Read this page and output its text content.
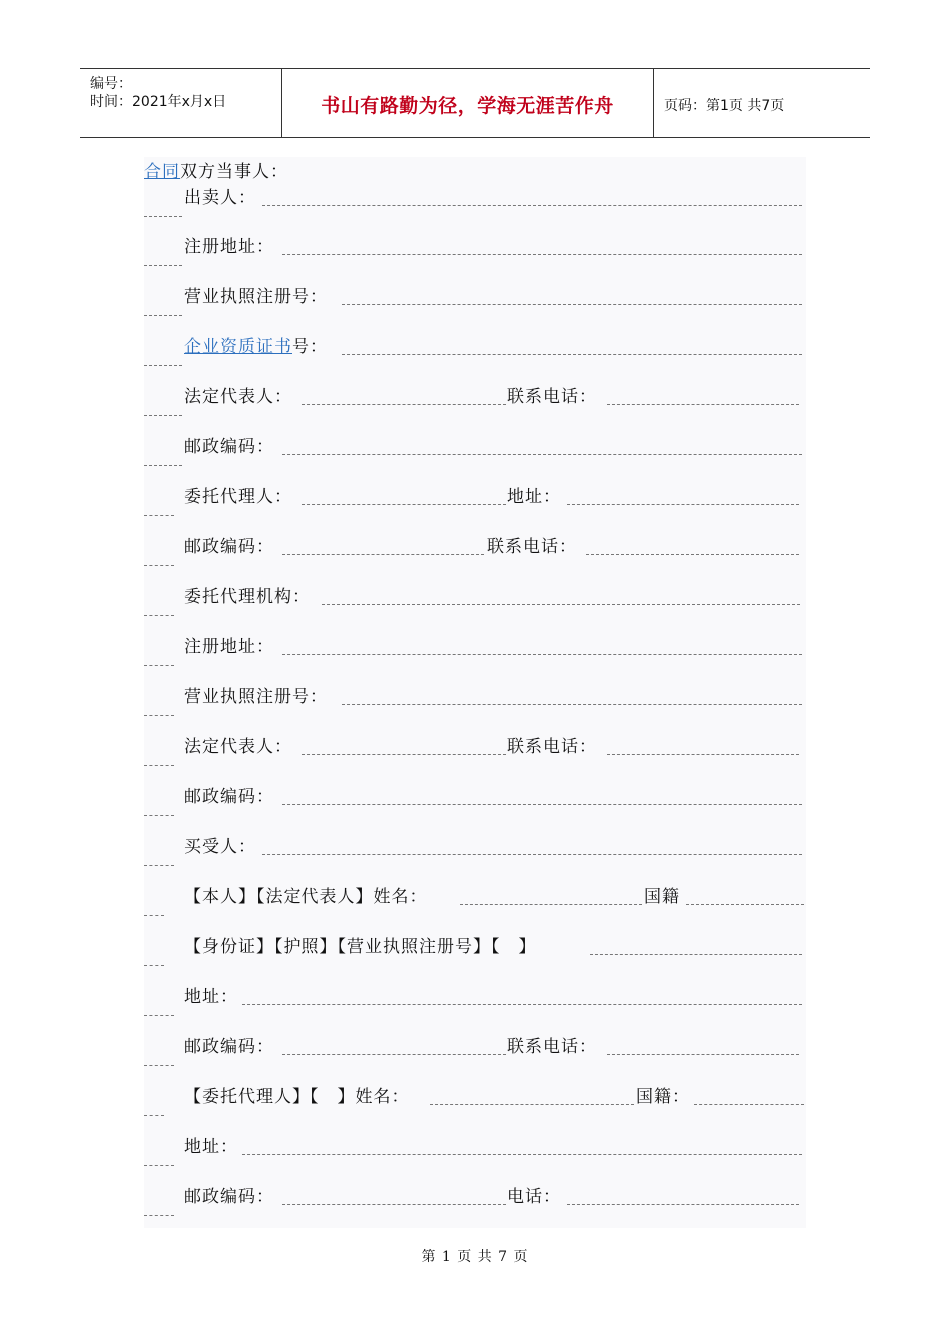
编号：
时间：2021年x月x日	书山有路勤为径，学海无涯苦作舟	页码：第1页 共7页
合同双方当事人：
出卖人：
注册地址：
营业执照注册号：
企业资质证书号：
法定代表人：	联系电话：
邮政编码：
委托代理人：	地址：
邮政编码：	联系电话：
委托代理机构：
注册地址：
营业执照注册号：
法定代表人：	联系电话：
邮政编码：
买受人：
【本人】【法定代表人】姓名：	国籍
【身份证】【护照】【营业执照注册号】【　】
地址：
邮政编码：	联系电话：
【委托代理人】【　】姓名：	国籍：
地址：
邮政编码：	电话：
第 1 页 共 7 页
